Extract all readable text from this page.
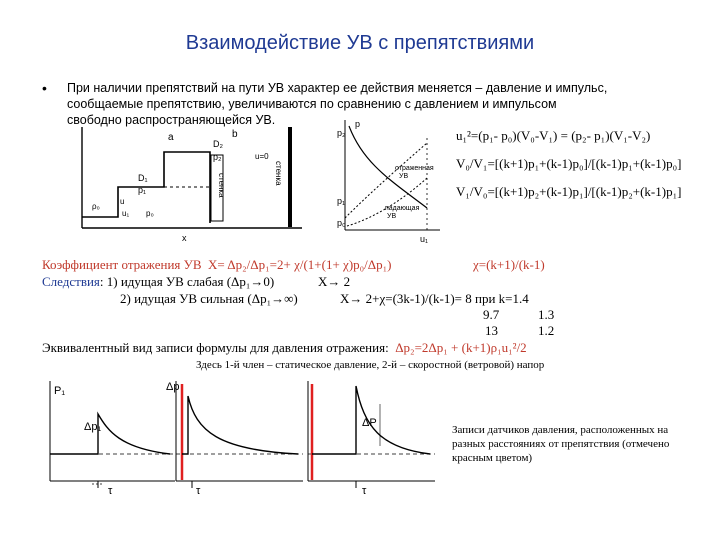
Взаимодействие УВ с препятствиями
• При наличии препятствий на пути УВ характер ее действия меняется – давление и импульс,
сообщаемые препятствию, увеличиваются по сравнению с давлением и импульсом
свободно распространяющейся УВ.
a	b
D₂
p₂	u=0
D₁
p₁
u
ρ₀
u₁ p₀
x
стенка	стенка
p
p₂
p₁
p₀
u₁
отраженная
УВ
падающая
УВ
u₁²=(p₁- p₀)(V₀-V₁) = (p₂- p₁)(V₁-V₂)
V₀/V₁=[(k+1)p₁+(k-1)p₀]/[(k-1)p₁+(k-1)p₀]
V₁/V₀=[(k+1)p₂+(k-1)p₁]/[(k-1)p₂+(k-1)p₁]
Коэффициент отражения УВ Χ= Δp₂/Δp₁=2+ χ/(1+(1+ χ)p₀/Δp₁)	χ=(k+1)/(k-1)
Следствия: 1) идущая УВ слабая (Δp₁→0)	Χ→ 2
2) идущая УВ сильная (Δp₁→∞)	Χ→ 2+χ=(3k-1)/(k-1)= 8 при k=1.4
9.7	1.3
13	1.2
Эквивалентный вид записи формулы для давления отражения: Δp₂=2Δp₁ + (k+1)ρ₁u₁²/2
Здесь 1-й член – статическое давление, 2-й – скоростной (ветровой) напор
P₁
Δp₁
τ
Δp
τ
ΔP
τ
Записи датчиков давления, расположенных на
разных расстояниях от препятствия (отмечено
красным цветом)
